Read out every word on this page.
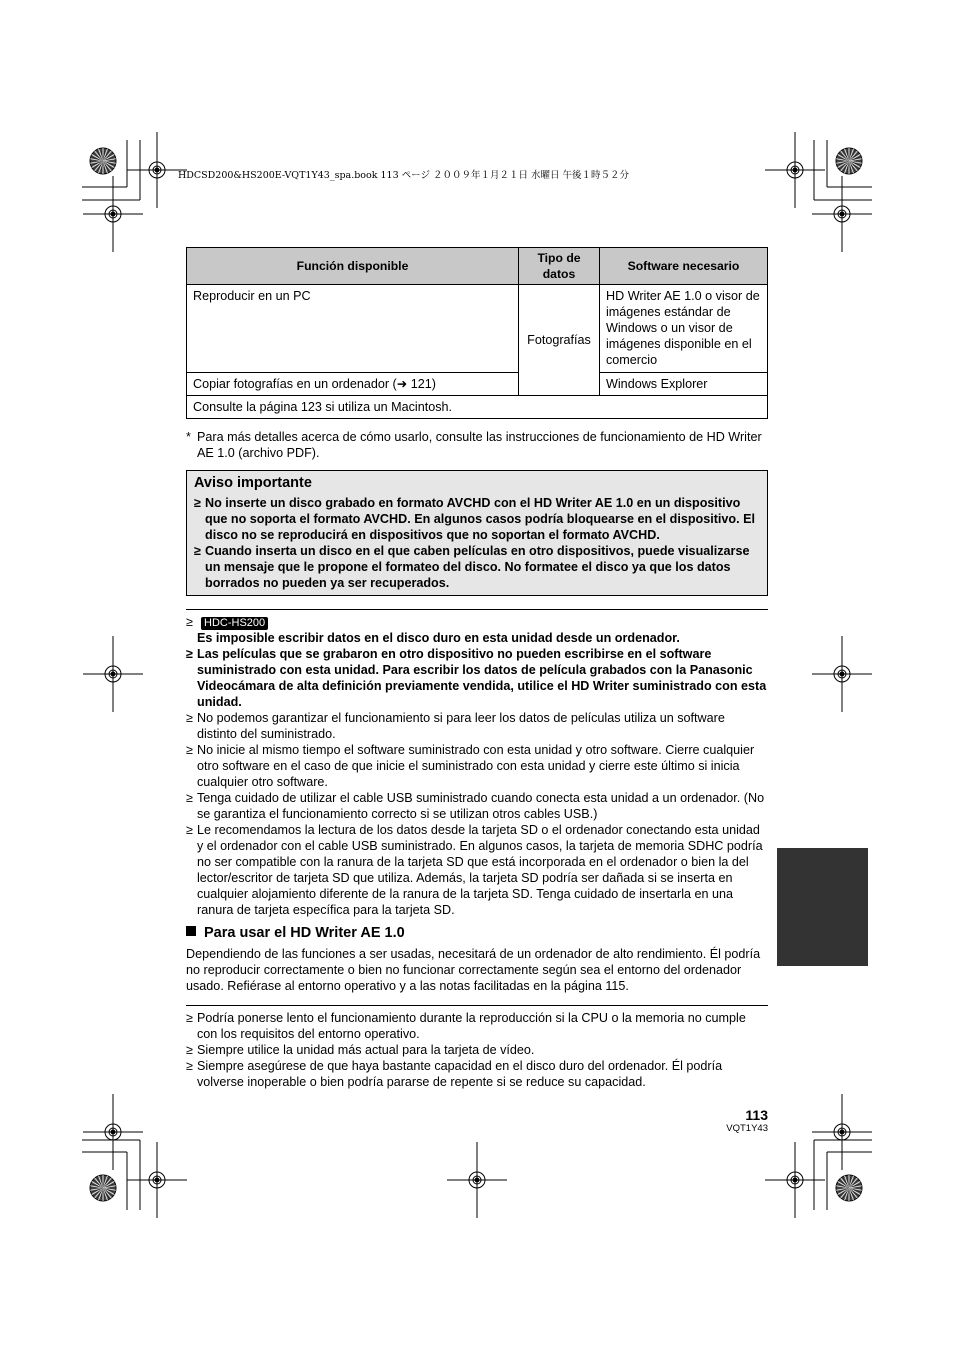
HDCSD200&HS200E-VQT1Y43_spa.book 113 ページ ２００９年１月２１日 水曜日 午後１時５２分
Función disponible	Tipo de datos	Software necesario
Reproducir en un PC	Fotografías	HD Writer AE 1.0 o visor de imágenes estándar de Windows o un visor de imágenes disponible en el comercio
Copiar fotografías en un ordenador (➜ 121)		Windows Explorer
Consulte la página 123 si utiliza un Macintosh.		
* Para más detalles acerca de cómo usarlo, consulte las instrucciones de funcionamiento de HD Writer AE 1.0 (archivo PDF).
Aviso importante
≥ No inserte un disco grabado en formato AVCHD con el HD Writer AE 1.0 en un dispositivo que no soporta el formato AVCHD. En algunos casos podría bloquearse en el dispositivo. El disco no se reproducirá en dispositivos que no soportan el formato AVCHD.
≥ Cuando inserta un disco en el que caben películas en otro dispositivos, puede visualizarse un mensaje que le propone el formateo del disco. No formatee el disco ya que los datos borrados no pueden ya ser recuperados.
≥ HDC-HS200
Es imposible escribir datos en el disco duro en esta unidad desde un ordenador.
≥ Las películas que se grabaron en otro dispositivo no pueden escribirse en el software suministrado con esta unidad. Para escribir los datos de película grabados con la Panasonic Videocámara de alta definición previamente vendida, utilice el HD Writer suministrado con esta unidad.
≥ No podemos garantizar el funcionamiento si para leer los datos de películas utiliza un software distinto del suministrado.
≥ No inicie al mismo tiempo el software suministrado con esta unidad y otro software. Cierre cualquier otro software en el caso de que inicie el suministrado con esta unidad y cierre este último si inicia cualquier otro software.
≥ Tenga cuidado de utilizar el cable USB suministrado cuando conecta esta unidad a un ordenador. (No se garantiza el funcionamiento correcto si se utilizan otros cables USB.)
≥ Le recomendamos la lectura de los datos desde la tarjeta SD o el ordenador conectando esta unidad y el ordenador con el cable USB suministrado. En algunos casos, la tarjeta de memoria SDHC podría no ser compatible con la ranura de la tarjeta SD que está incorporada en el ordenador o bien la del lector/escritor de tarjeta SD que utiliza. Además, la tarjeta SD podría ser dañada si se inserta en cualquier alojamiento diferente de la ranura de la tarjeta SD. Tenga cuidado de insertarla en una ranura de tarjeta específica para la tarjeta SD.
Para usar el HD Writer AE 1.0
Dependiendo de las funciones a ser usadas, necesitará de un ordenador de alto rendimiento. Él podría no reproducir correctamente o bien no funcionar correctamente según sea el entorno del ordenador usado. Refiérase al entorno operativo y a las notas facilitadas en la página 115.
≥ Podría ponerse lento el funcionamiento durante la reproducción si la CPU o la memoria no cumple con los requisitos del entorno operativo.
≥ Siempre utilice la unidad más actual para la tarjeta de vídeo.
≥ Siempre asegúrese de que haya bastante capacidad en el disco duro del ordenador. Él podría volverse inoperable o bien podría pararse de repente si se reduce su capacidad.
113
VQT1Y43
